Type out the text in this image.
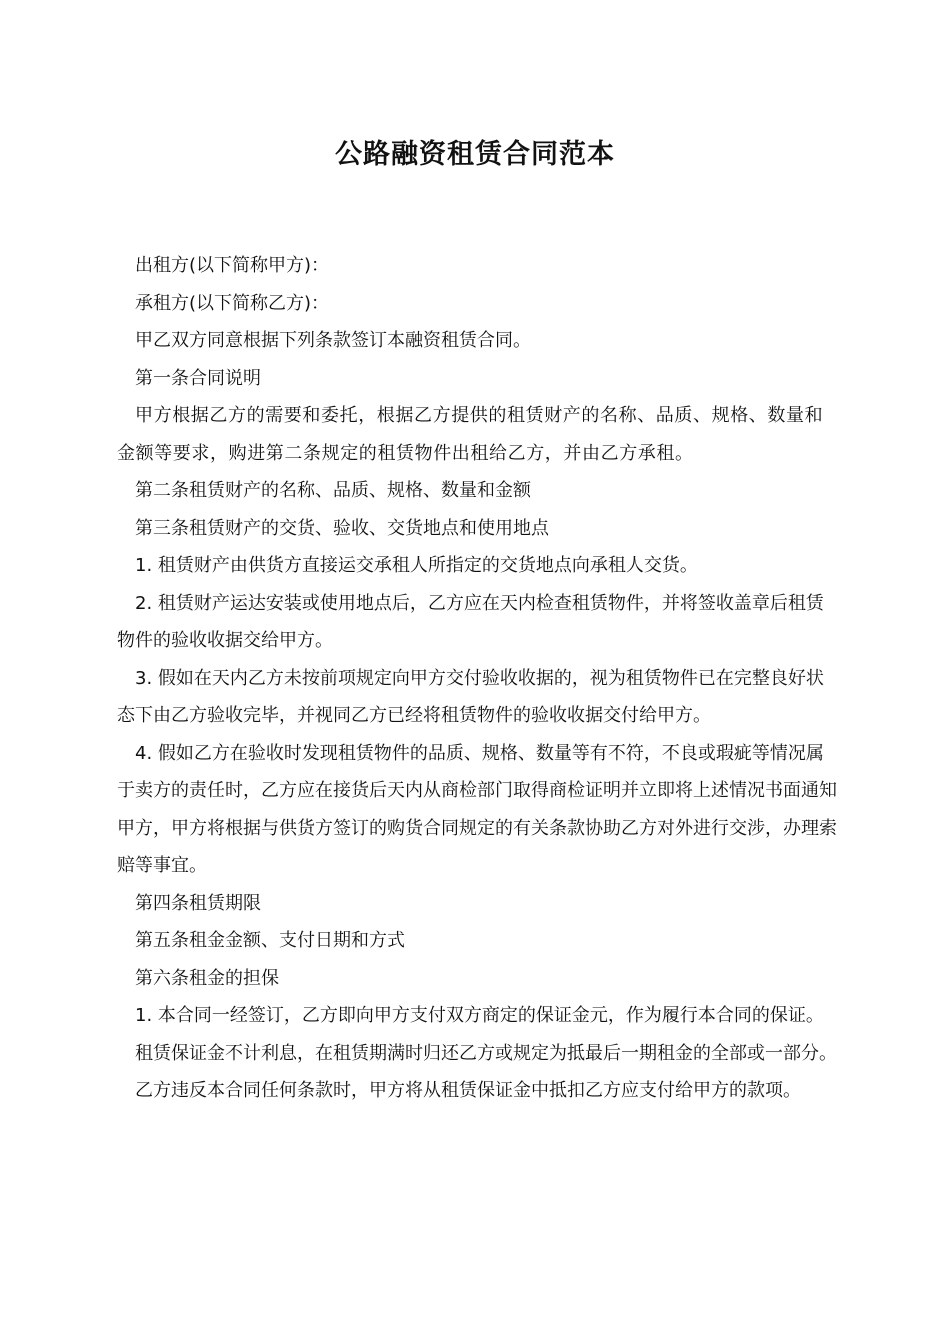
公路融资租赁合同范本

出租方(以下简称甲方)：

承租方(以下简称乙方)：

甲乙双方同意根据下列条款签订本融资租赁合同。

第一条合同说明

甲方根据乙方的需要和委托，根据乙方提供的租赁财产的名称、品质、规格、数量和金额等要求，购进第二条规定的租赁物件出租给乙方，并由乙方承租。

第二条租赁财产的名称、品质、规格、数量和金额

第三条租赁财产的交货、验收、交货地点和使用地点

1. 租赁财产由供货方直接运交承租人所指定的交货地点向承租人交货。

2. 租赁财产运达安装或使用地点后，乙方应在天内检查租赁物件，并将签收盖章后租赁物件的验收收据交给甲方。

3. 假如在天内乙方未按前项规定向甲方交付验收收据的，视为租赁物件已在完整良好状态下由乙方验收完毕，并视同乙方已经将租赁物件的验收收据交付给甲方。

4. 假如乙方在验收时发现租赁物件的品质、规格、数量等有不符，不良或瑕疵等情况属于卖方的责任时，乙方应在接货后天内从商检部门取得商检证明并立即将上述情况书面通知甲方，甲方将根据与供货方签订的购货合同规定的有关条款协助乙方对外进行交涉，办理索赔等事宜。

第四条租赁期限

第五条租金金额、支付日期和方式

第六条租金的担保

1. 本合同一经签订，乙方即向甲方支付双方商定的保证金元，作为履行本合同的保证。

租赁保证金不计利息，在租赁期满时归还乙方或规定为抵最后一期租金的全部或一部分。

乙方违反本合同任何条款时，甲方将从租赁保证金中抵扣乙方应支付给甲方的款项。
